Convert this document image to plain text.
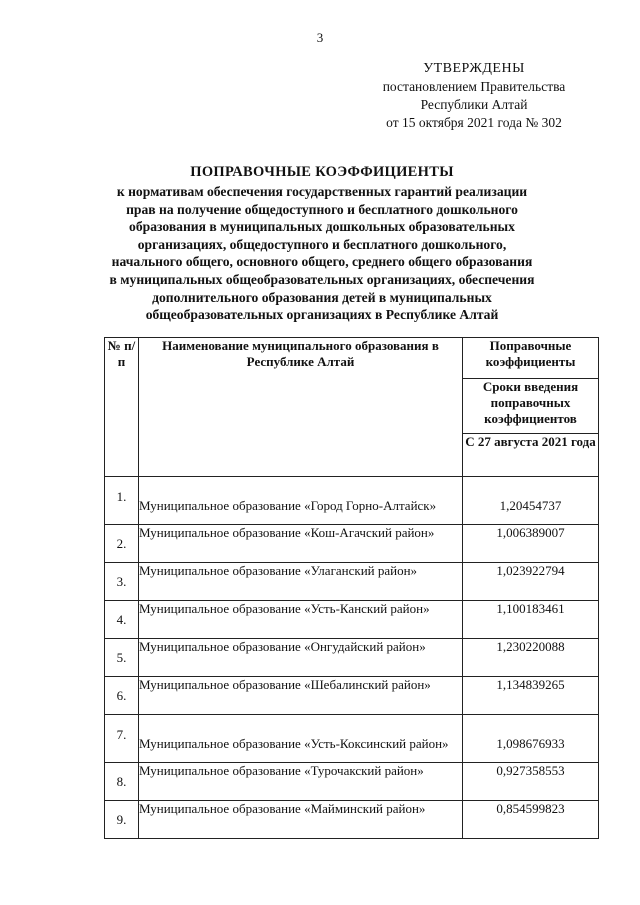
3
УТВЕРЖДЕНЫ
постановлением Правительства
Республики Алтай
от 15 октября 2021 года № 302
ПОПРАВОЧНЫЕ КОЭФФИЦИЕНТЫ
к нормативам обеспечения государственных гарантий реализации
прав на получение общедоступного и бесплатного дошкольного
образования в муниципальных дошкольных образовательных
организациях, общедоступного и бесплатного дошкольного,
начального общего, основного общего, среднего общего образования
в муниципальных общеобразовательных организациях, обеспечения
дополнительного образования детей в муниципальных
общеобразовательных организациях в Республике Алтай
№ п/п	Наименование муниципального образования в Республике Алтай	Поправочные коэффициенты
		Сроки введения поправочных коэффициентов
		С 27 августа 2021 года
1.	Муниципальное образование «Город Горно-Алтайск»	1,20454737
2.	Муниципальное образование «Кош-Агачский район»	1,006389007
3.	Муниципальное образование «Улаганский район»	1,023922794
4.	Муниципальное образование «Усть-Канский район»	1,100183461
5.	Муниципальное образование «Онгудайский район»	1,230220088
6.	Муниципальное образование «Шебалинский район»	1,134839265
7.	Муниципальное образование «Усть-Коксинский район»	1,098676933
8.	Муниципальное образование «Турочакский район»	0,927358553
9.	Муниципальное образование «Майминский район»	0,854599823
